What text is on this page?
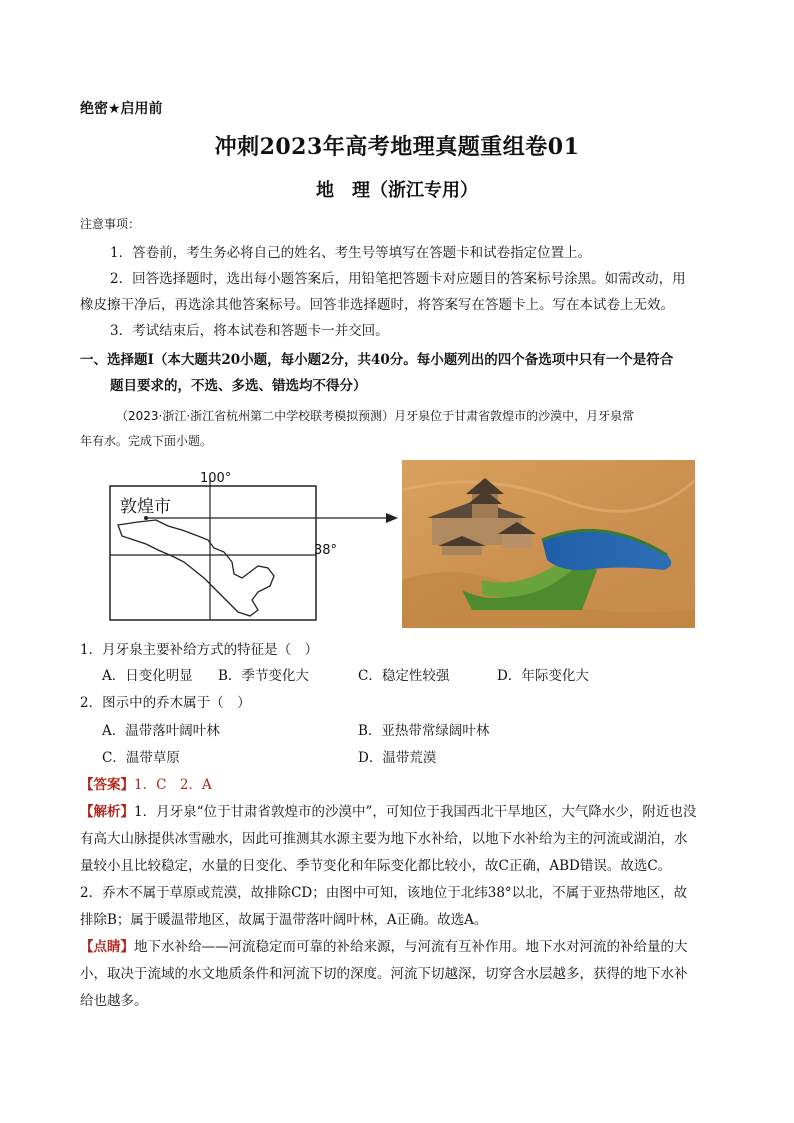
绝密★启用前
冲刺2023年高考地理真题重组卷01
地　理（浙江专用）
注意事项：
1．答卷前，考生务必将自己的姓名、考生号等填写在答题卡和试卷指定位置上。
2．回答选择题时，选出每小题答案后，用铅笔把答题卡对应题目的答案标号涂黑。如需改动，用
橡皮擦干净后，再选涂其他答案标号。回答非选择题时，将答案写在答题卡上。写在本试卷上无效。
3．考试结束后，将本试卷和答题卡一并交回。
一、选择题Ⅰ（本大题共20小题，每小题2分，共40分。每小题列出的四个备选项中只有一个是符合
题目要求的，不选、多选、错选均不得分）
（2023·浙江·浙江省杭州第二中学校联考模拟预测）月牙泉位于甘肃省敦煌市的沙漠中，月牙泉常
年有水。完成下面小题。
敦煌市
100°
38°
1．月牙泉主要补给方式的特征是（　）
A．日变化明显 B．季节变化大	C．稳定性较强	D．年际变化大
2．图示中的乔木属于（　）
A．温带落叶阔叶林	B．亚热带常绿阔叶林
C．温带草原	D．温带荒漠
【答案】1．C　2．A
【解析】1．月牙泉“位于甘肃省敦煌市的沙漠中”，可知位于我国西北干旱地区，大气降水少，附近也没
有高大山脉提供冰雪融水，因此可推测其水源主要为地下水补给，以地下水补给为主的河流或湖泊，水
量较小且比较稳定，水量的日变化、季节变化和年际变化都比较小，故C正确，ABD错误。故选C。
2．乔木不属于草原或荒漠，故排除CD；由图中可知，该地位于北纬38°以北，不属于亚热带地区，故
排除B；属于暖温带地区，故属于温带落叶阔叶林，A正确。故选A。
【点睛】地下水补给——河流稳定而可靠的补给来源，与河流有互补作用。地下水对河流的补给量的大
小，取决于流域的水文地质条件和河流下切的深度。河流下切越深，切穿含水层越多，获得的地下水补
给也越多。
